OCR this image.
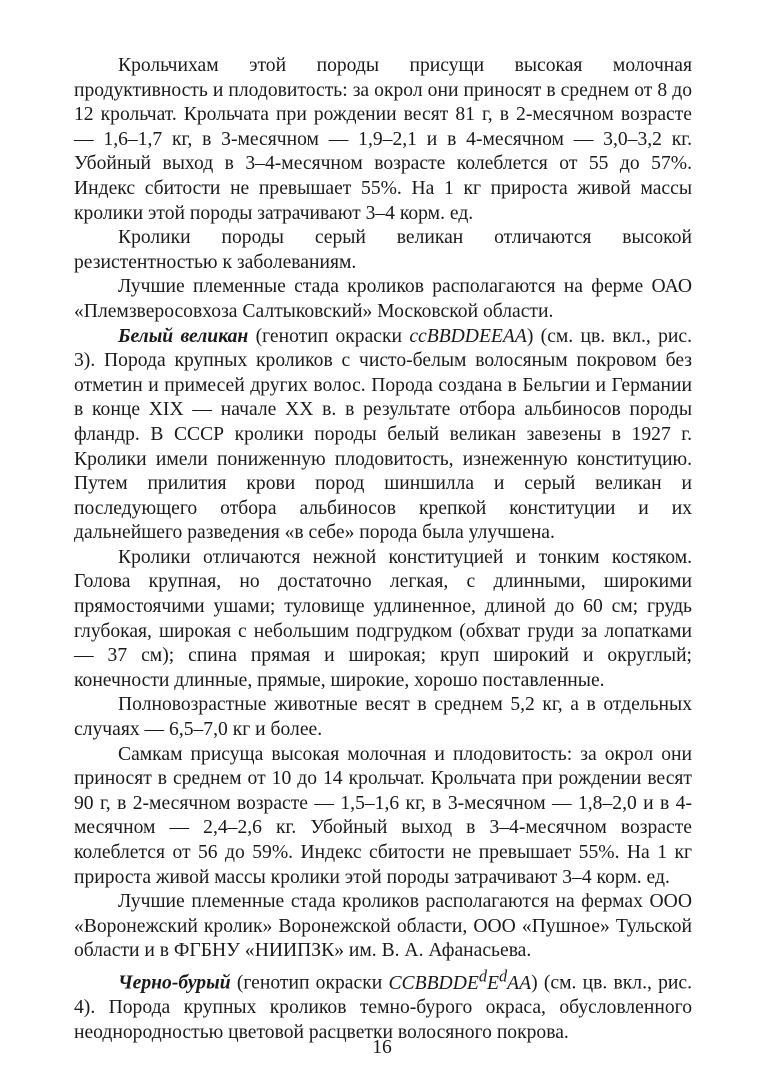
Крольчихам этой породы присущи высокая молочная продуктивность и плодовитость: за окрол они приносят в среднем от 8 до 12 крольчат. Крольчата при рождении весят 81 г, в 2-месячном возрасте — 1,6–1,7 кг, в 3-месячном — 1,9–2,1 и в 4-месячном — 3,0–3,2 кг. Убойный выход в 3–4-месячном возрасте колеблется от 55 до 57%. Индекс сбитости не превышает 55%. На 1 кг прироста живой массы кролики этой породы затрачивают 3–4 корм. ед.

Кролики породы серый великан отличаются высокой резистентностью к заболеваниям.

Лучшие племенные стада кроликов располагаются на ферме ОАО «Племзверосовхоза Салтыковский» Московской области.

Белый великан (генотип окраски ccBBDDEEAA) (см. цв. вкл., рис. 3). Порода крупных кроликов с чисто-белым волосяным покровом без отметин и примесей других волос. Порода создана в Бельгии и Германии в конце XIX — начале XX в. в результате отбора альбиносов породы фландр. В СССР кролики породы белый великан завезены в 1927 г. Кролики имели пониженную плодовитость, изнеженную конституцию. Путем прилития крови пород шиншилла и серый великан и последующего отбора альбиносов крепкой конституции и их дальнейшего разведения «в себе» порода была улучшена.

Кролики отличаются нежной конституцией и тонким костяком. Голова крупная, но достаточно легкая, с длинными, широкими прямостоячими ушами; туловище удлиненное, длиной до 60 см; грудь глубокая, широкая с небольшим подгрудком (обхват груди за лопатками — 37 см); спина прямая и широкая; круп широкий и округлый; конечности длинные, прямые, широкие, хорошо поставленные.

Полновозрастные животные весят в среднем 5,2 кг, а в отдельных случаях — 6,5–7,0 кг и более.

Самкам присуща высокая молочная и плодовитость: за окрол они приносят в среднем от 10 до 14 крольчат. Крольчата при рождении весят 90 г, в 2-месячном возрасте — 1,5–1,6 кг, в 3-месячном — 1,8–2,0 и в 4-месячном — 2,4–2,6 кг. Убойный выход в 3–4-месячном возрасте колеблется от 56 до 59%. Индекс сбитости не превышает 55%. На 1 кг прироста живой массы кролики этой породы затрачивают 3–4 корм. ед.

Лучшие племенные стада кроликов располагаются на фермах ООО «Воронежский кролик» Воронежской области, ООО «Пушное» Тульской области и в ФГБНУ «НИИПЗК» им. В. А. Афанасьева.

Черно-бурый (генотип окраски $CCBBDDE^dE^dAA$) (см. цв. вкл., рис. 4). Порода крупных кроликов темно-бурого окраса, обусловленного неоднородностью цветовой расцветки волосяного покрова.

16
